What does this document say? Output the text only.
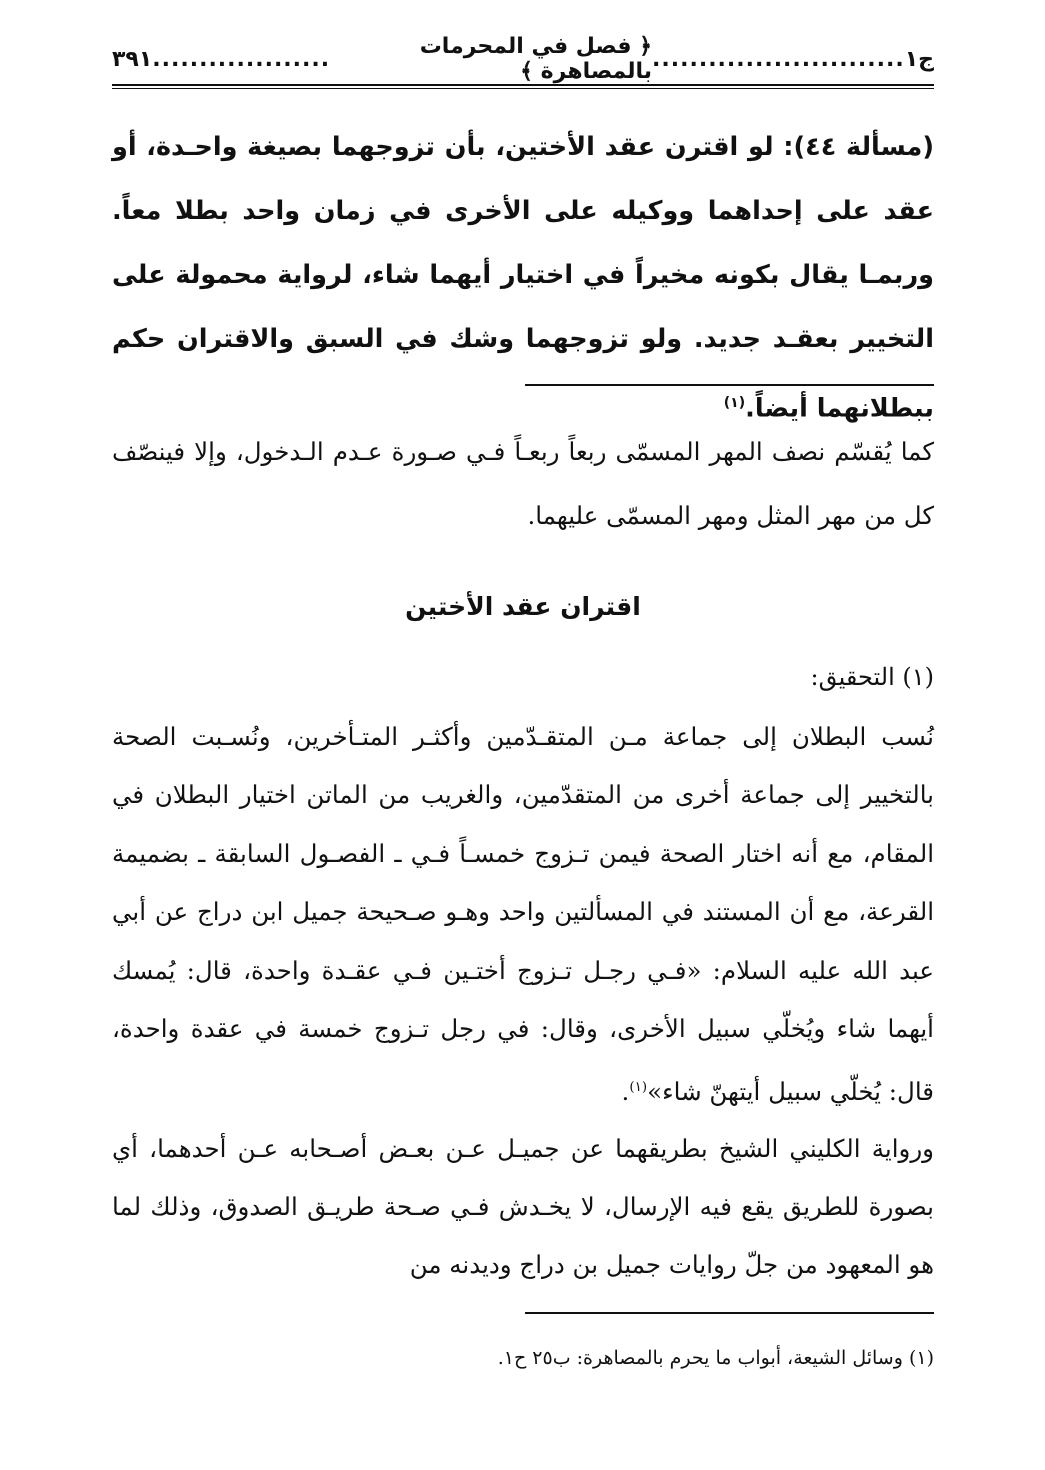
ج١
...........................
﴿ فصل في المحرمات بالمصاهرة ﴾
...................
٣٩١
(مسألة ٤٤): لو اقترن عقد الأختين، بأن تزوجهما بصيغة واحـدة، أو عقد على إحداهما ووكيله على الأخرى في زمان واحد بطلا معاً. وربمـا يقال بكونه مخيراً في اختيار أيهما شاء، لرواية محمولة على التخيير بعقـد جديد. ولو تزوجهما وشك في السبق والاقتران حكم ببطلانهما أيضاً.$^{(١)}$
كما يُقسّم نصف المهر المسمّى ربعاً ربعـاً فـي صـورة عـدم الـدخول، وإلا فينصّف كل من مهر المثل ومهر المسمّى عليهما.
اقتران عقد الأختين
(١) التحقيق:
نُسب البطلان إلى جماعة مـن المتقـدّمين وأكثـر المتـأخرين، ونُسـبت الصحة بالتخيير إلى جماعة أخرى من المتقدّمين، والغريب من الماتن اختيار البطلان في المقام، مع أنه اختار الصحة فيمن تـزوج خمسـاً فـي ـ الفصـول السابقة ـ بضميمة القرعة، مع أن المستند في المسألتين واحد وهـو صـحيحة جميل ابن دراج عن أبي عبد الله عليه السلام: «فـي رجـل تـزوج أختـين فـي عقـدة واحدة، قال: يُمسك أيهما شاء ويُخلّي سبيل الأخرى، وقال: في رجل تـزوج خمسة في عقدة واحدة، قال: يُخلّي سبيل أيتهنّ شاء»$^{(١)}$.
ورواية الكليني الشيخ بطريقهما عن جميـل عـن بعـض أصـحابه عـن أحدهما، أي بصورة للطريق يقع فيه الإرسال، لا يخـدش فـي صـحة طريـق الصدوق، وذلك لما هو المعهود من جلّ روايات جميل بن دراج وديدنه من
(١) وسائل الشيعة، أبواب ما يحرم بالمصاهرة: ب٢٥ ح١.
